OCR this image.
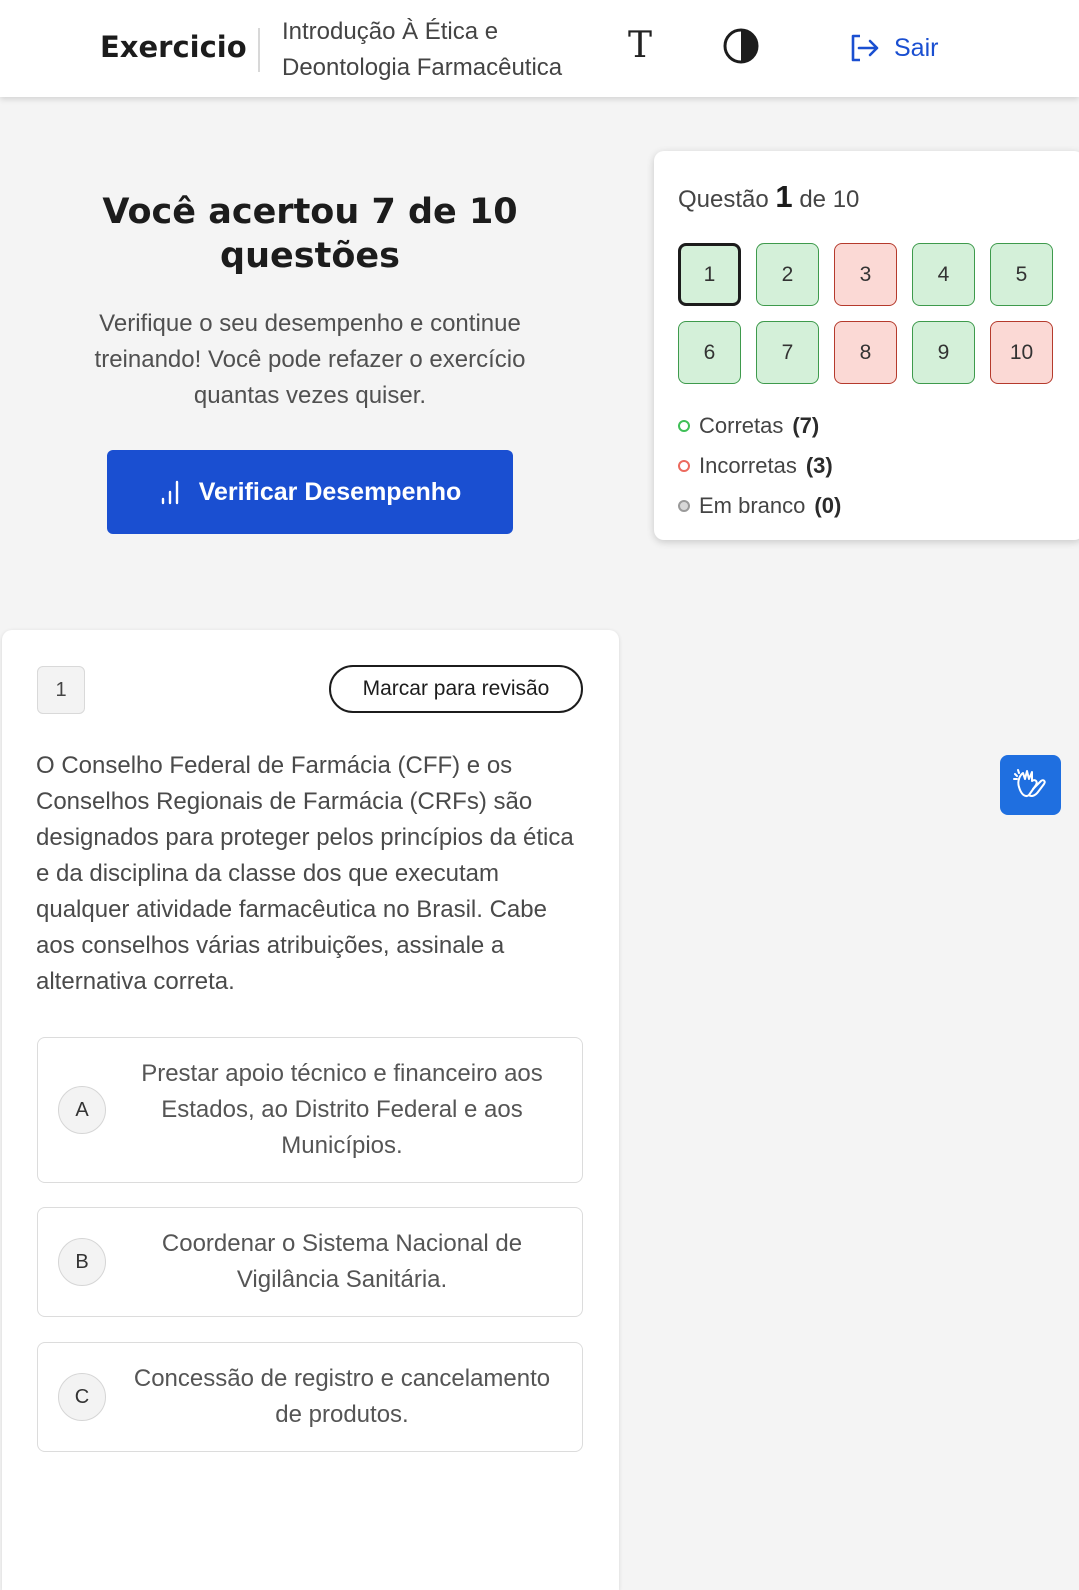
Exercicio Introdução À Ética e Deontologia Farmacêutica
T	Sair
Você acertou 7 de 10 questões
Verifique o seu desempenho e continue treinando! Você pode refazer o exercício quantas vezes quiser.
Verificar Desempenho
Questão 1 de 10
1	2	3	4	5
6	7	8	9	10
Corretas (7)
Incorretas (3)
Em branco (0)
1	Marcar para revisão
O Conselho Federal de Farmácia (CFF) e os Conselhos Regionais de Farmácia (CRFs) são designados para proteger pelos princípios da ética e da disciplina da classe dos que executam qualquer atividade farmacêutica no Brasil. Cabe aos conselhos várias atribuições, assinale a alternativa correta.
A
Prestar apoio técnico e financeiro aos Estados, ao Distrito Federal e aos Municípios.
B
Coordenar o Sistema Nacional de Vigilância Sanitária.
C
Concessão de registro e cancelamento de produtos.
